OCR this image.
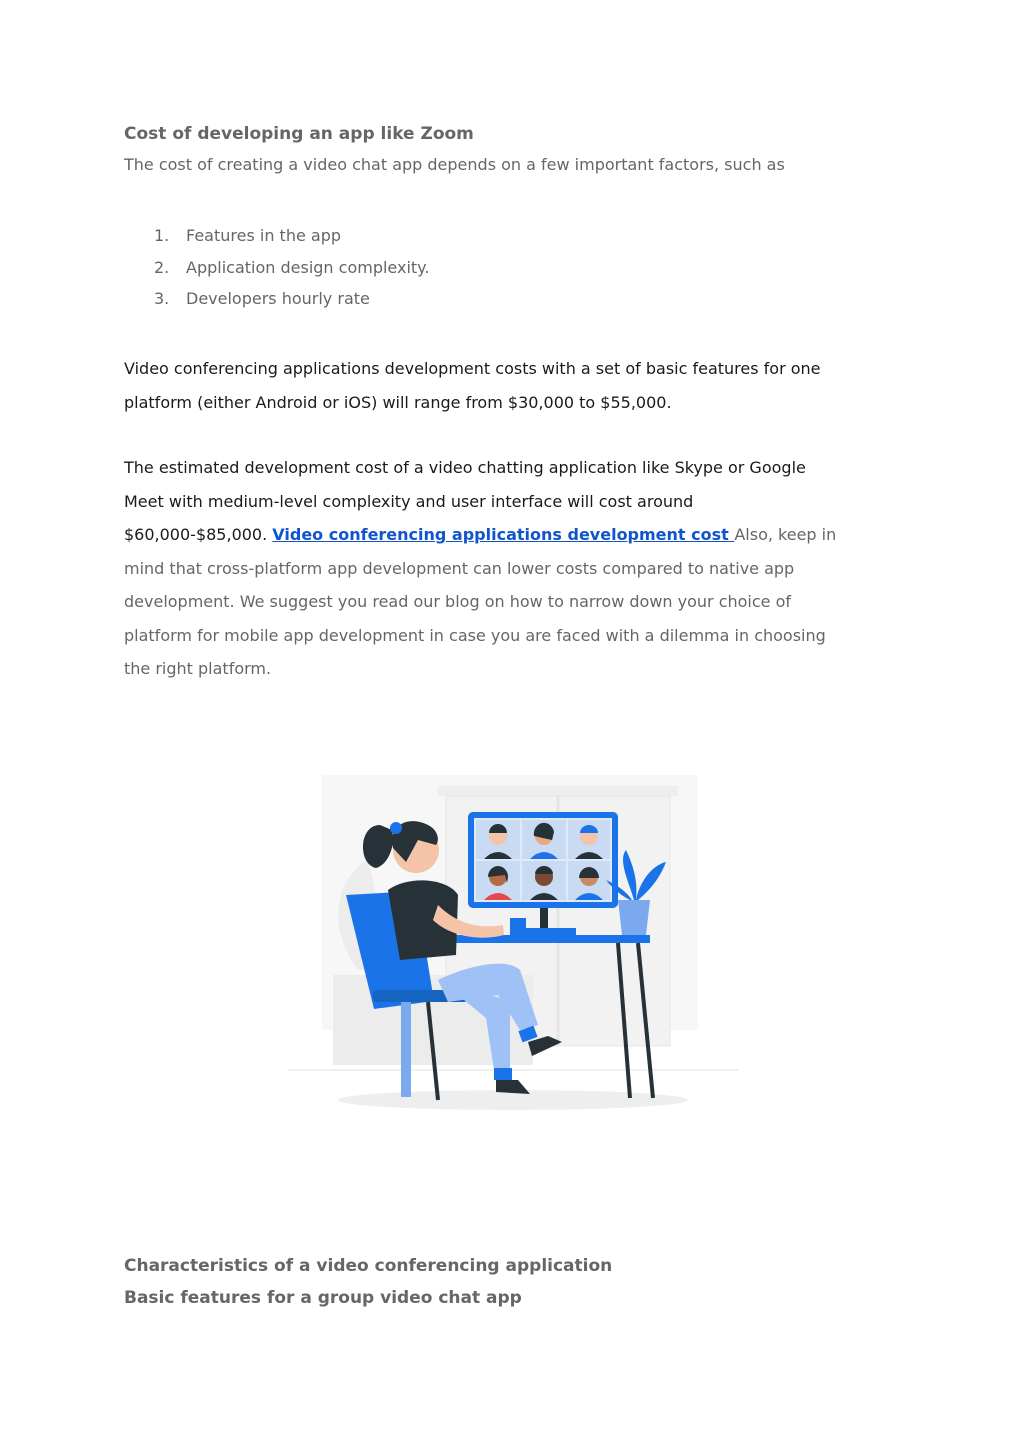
Cost of developing an app like Zoom

The cost of creating a video chat app depends on a few important factors, such as

1. Features in the app
2. Application design complexity.
3. Developers hourly rate

Video conferencing applications development costs with a set of basic features for one
platform (either Android or iOS) will range from $30,000 to $55,000.

The estimated development cost of a video chatting application like Skype or Google
Meet with medium-level complexity and user interface will cost around
$60,000-$85,000. Video conferencing applications development cost Also, keep in
mind that cross-platform app development can lower costs compared to native app
development. We suggest you read our blog on how to narrow down your choice of
platform for mobile app development in case you are faced with a dilemma in choosing
the right platform.

Characteristics of a video conferencing application
Basic features for a group video chat app
